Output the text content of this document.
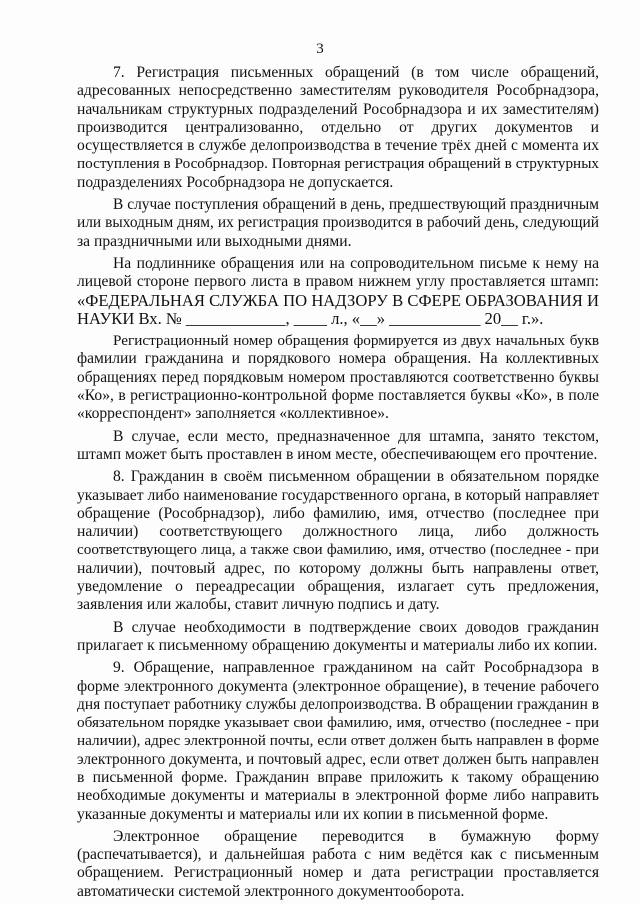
3
7. Регистрация письменных обращений (в том числе обращений,
адресованных непосредственно заместителям руководителя Рособрнадзора,
начальникам структурных подразделений Рособрнадзора и их заместителям)
производится централизованно, отдельно от других документов и
осуществляется в службе делопроизводства в течение трёх дней с момента их
поступления в Рособрнадзор. Повторная регистрация обращений в структурных
подразделениях Рособрнадзора не допускается.
В случае поступления обращений в день, предшествующий праздничным
или выходным дням, их регистрация производится в рабочий день, следующий
за праздничными или выходными днями.
На подлиннике обращения или на сопроводительном письме к нему на
лицевой стороне первого листа в правом нижнем углу проставляется штамп:
«ФЕДЕРАЛЬНАЯ СЛУЖБА ПО НАДЗОРУ В СФЕРЕ ОБРАЗОВАНИЯ И
НАУКИ Вх. № ____________, ____ л., «__» ___________ 20__ г.».
Регистрационный номер обращения формируется из двух начальных букв
фамилии гражданина и порядкового номера обращения. На коллективных
обращениях перед порядковым номером проставляются соответственно буквы
«Ко», в регистрационно-контрольной форме поставляется буквы «Ко», в поле
«корреспондент» заполняется «коллективное».
В случае, если место, предназначенное для штампа, занято текстом,
штамп может быть проставлен в ином месте, обеспечивающем его прочтение.
8. Гражданин в своём письменном обращении в обязательном порядке
указывает либо наименование государственного органа, в который направляет
обращение (Рособрнадзор), либо фамилию, имя, отчество (последнее при
наличии) соответствующего должностного лица, либо должность
соответствующего лица, а также свои фамилию, имя, отчество (последнее - при
наличии), почтовый адрес, по которому должны быть направлены ответ,
уведомление о переадресации обращения, излагает суть предложения,
заявления или жалобы, ставит личную подпись и дату.
В случае необходимости в подтверждение своих доводов гражданин
прилагает к письменному обращению документы и материалы либо их копии.
9. Обращение, направленное гражданином на сайт Рособрнадзора в
форме электронного документа (электронное обращение), в течение рабочего
дня поступает работнику службы делопроизводства. В обращении гражданин в
обязательном порядке указывает свои фамилию, имя, отчество (последнее - при
наличии), адрес электронной почты, если ответ должен быть направлен в форме
электронного документа, и почтовый адрес, если ответ должен быть направлен
в письменной форме. Гражданин вправе приложить к такому обращению
необходимые документы и материалы в электронной форме либо направить
указанные документы и материалы или их копии в письменной форме.
Электронное обращение переводится в бумажную форму
(распечатывается), и дальнейшая работа с ним ведётся как с письменным
обращением. Регистрационный номер и дата регистрации проставляется
автоматически системой электронного документооборота.
